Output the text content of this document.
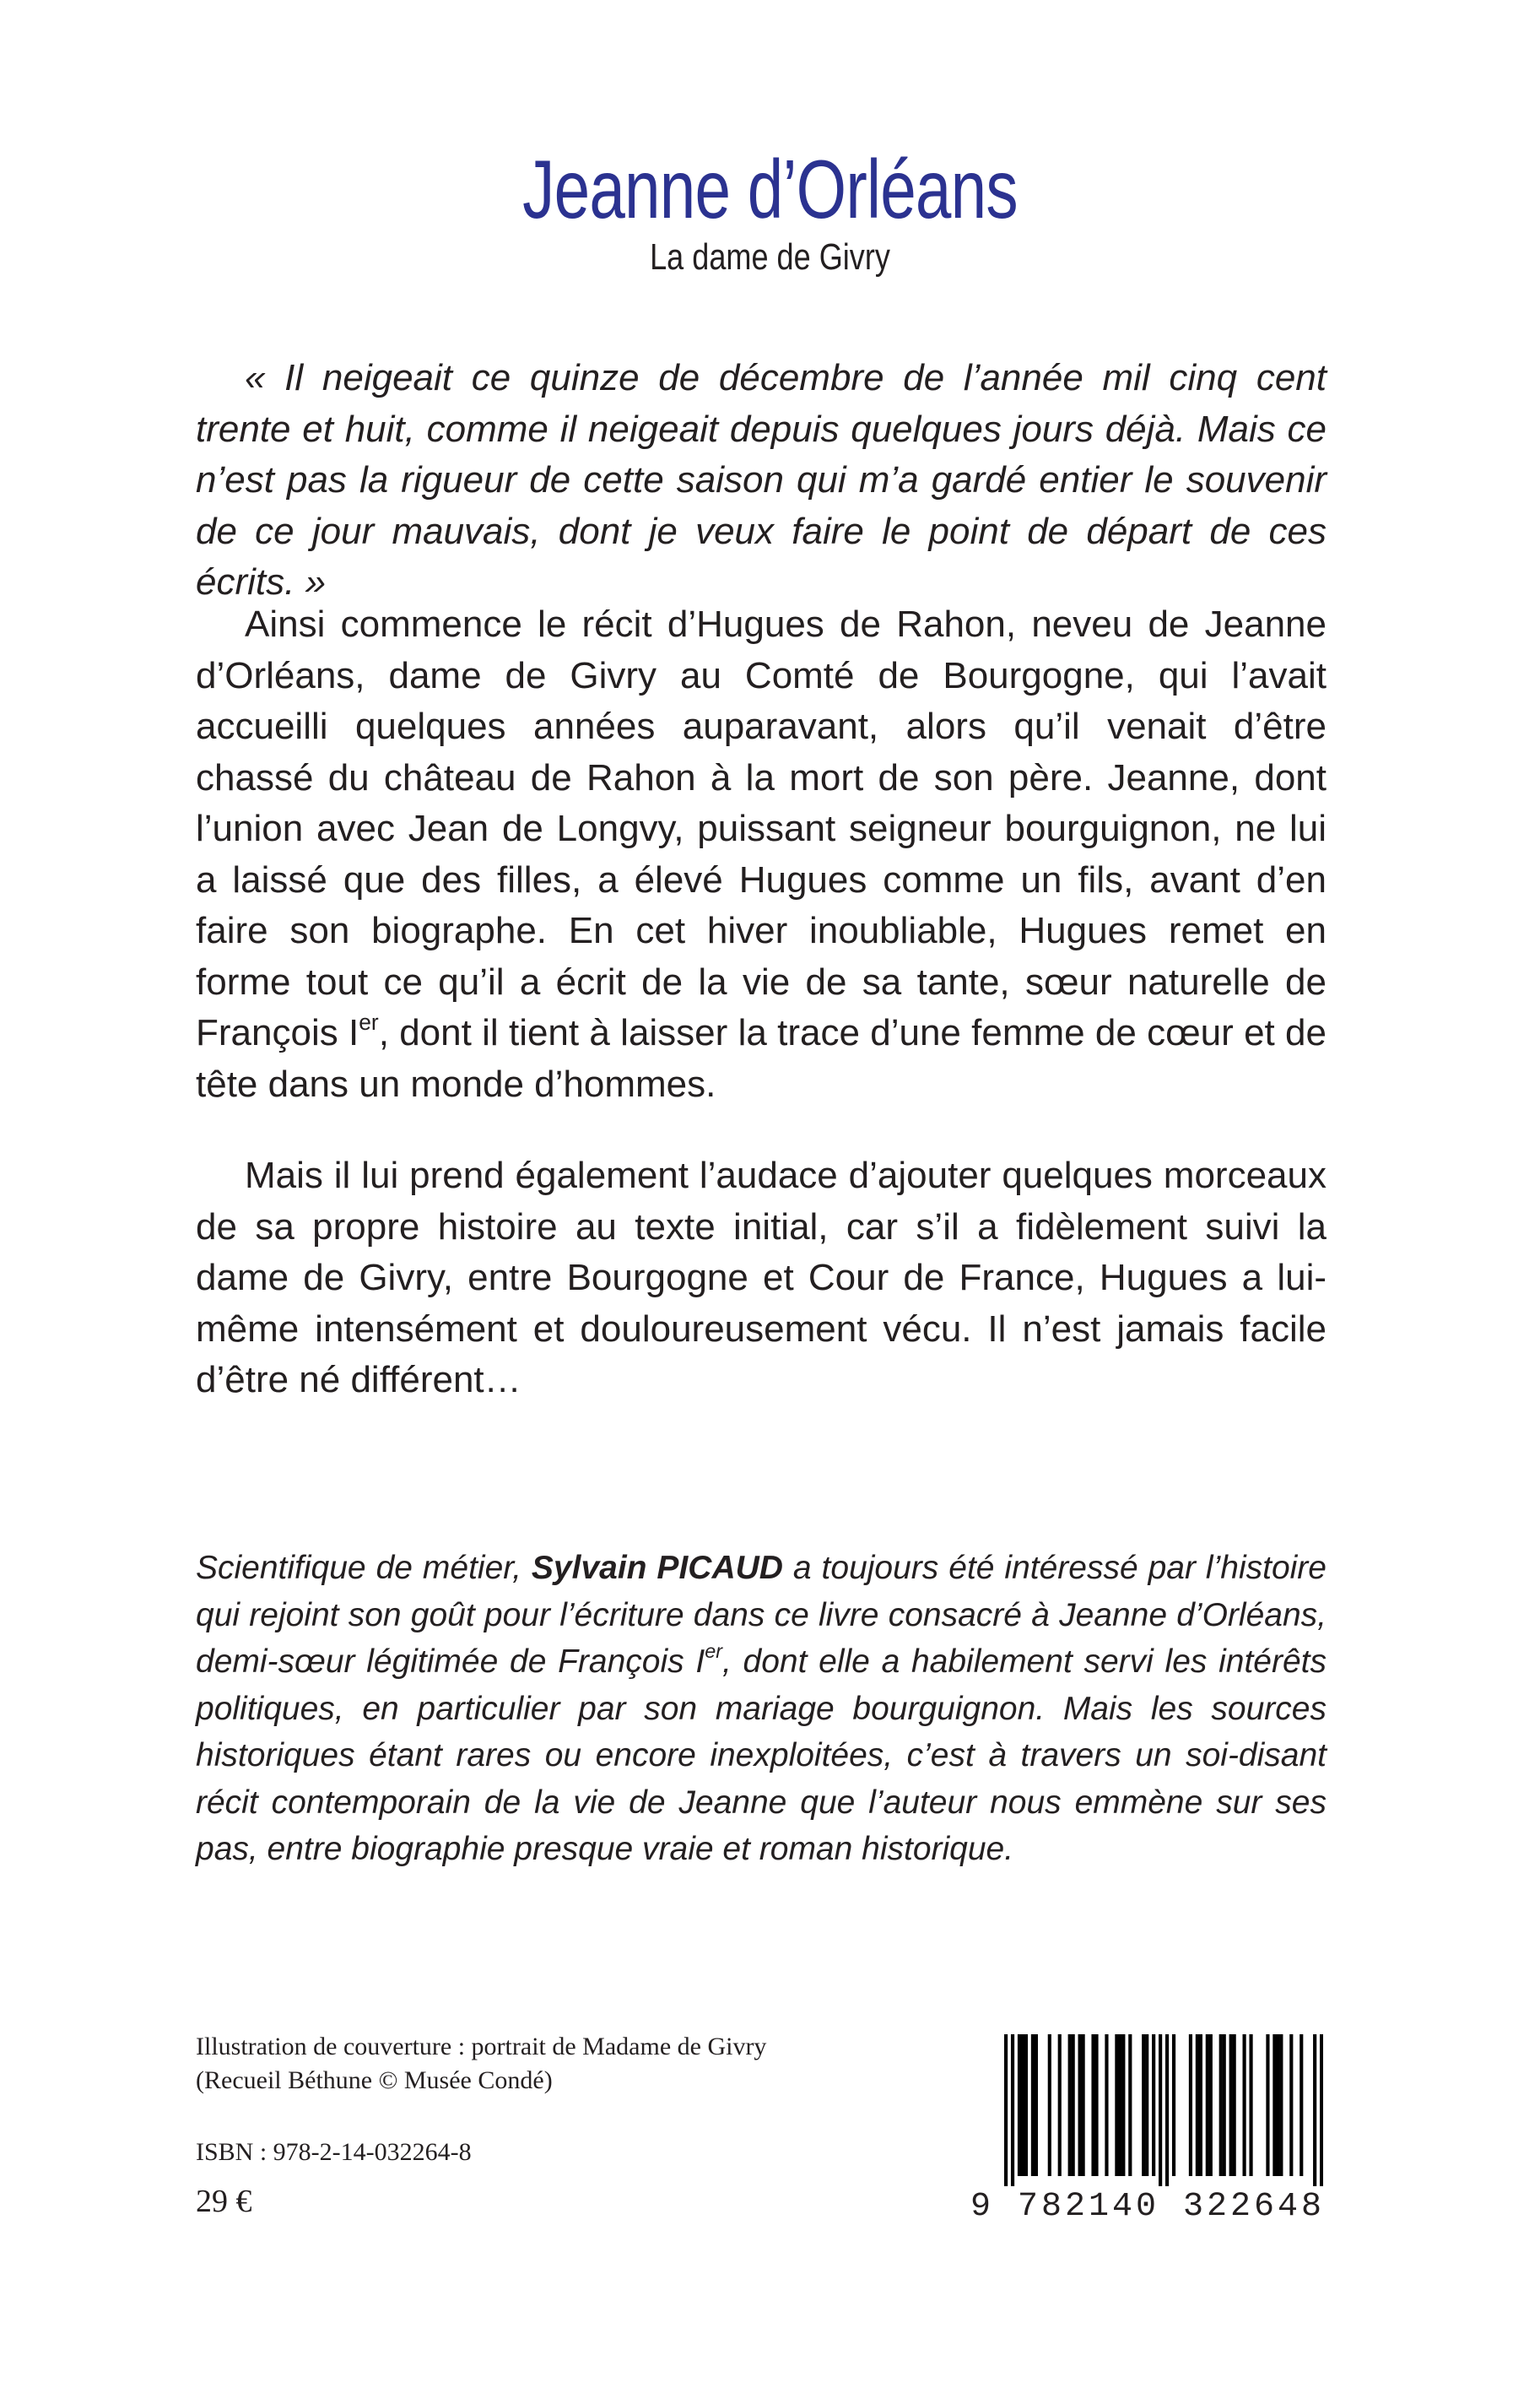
Jeanne d’Orléans
La dame de Givry
« Il neigeait ce quinze de décembre de l’année mil cinq cent trente et huit, comme il neigeait depuis quelques jours déjà. Mais ce n’est pas la rigueur de cette saison qui m’a gardé entier le souvenir de ce jour mauvais, dont je veux faire le point de départ de ces écrits. »
Ainsi commence le récit d’Hugues de Rahon, neveu de Jeanne d’Orléans, dame de Givry au Comté de Bourgogne, qui l’avait accueilli quelques années auparavant, alors qu’il venait d’être chassé du château de Rahon à la mort de son père. Jeanne, dont l’union avec Jean de Longvy, puissant seigneur bourguignon, ne lui a laissé que des filles, a élevé Hugues comme un fils, avant d’en faire son biographe. En cet hiver inoubliable, Hugues remet en forme tout ce qu’il a écrit de la vie de sa tante, sœur naturelle de François Ier, dont il tient à laisser la trace d’une femme de cœur et de tête dans un monde d’hommes.
Mais il lui prend également l’audace d’ajouter quelques morceaux de sa propre histoire au texte initial, car s’il a fidèlement suivi la dame de Givry, entre Bourgogne et Cour de France, Hugues a lui-même intensément et douloureusement vécu. Il n’est jamais facile d’être né différent…
Scientifique de métier, Sylvain PICAUD a toujours été intéressé par l’histoire qui rejoint son goût pour l’écriture dans ce livre consacré à Jeanne d’Orléans, demi-sœur légitimée de François Ier, dont elle a habilement servi les intérêts politiques, en particulier par son mariage bourguignon. Mais les sources historiques étant rares ou encore inexploitées, c’est à travers un soi-disant récit contemporain de la vie de Jeanne que l’auteur nous emmène sur ses pas, entre biographie presque vraie et roman historique.
Illustration de couverture : portrait de Madame de Givry
(Recueil Béthune © Musée Condé)
ISBN : 978-2-14-032264-8
29 €	9 782140 322648
